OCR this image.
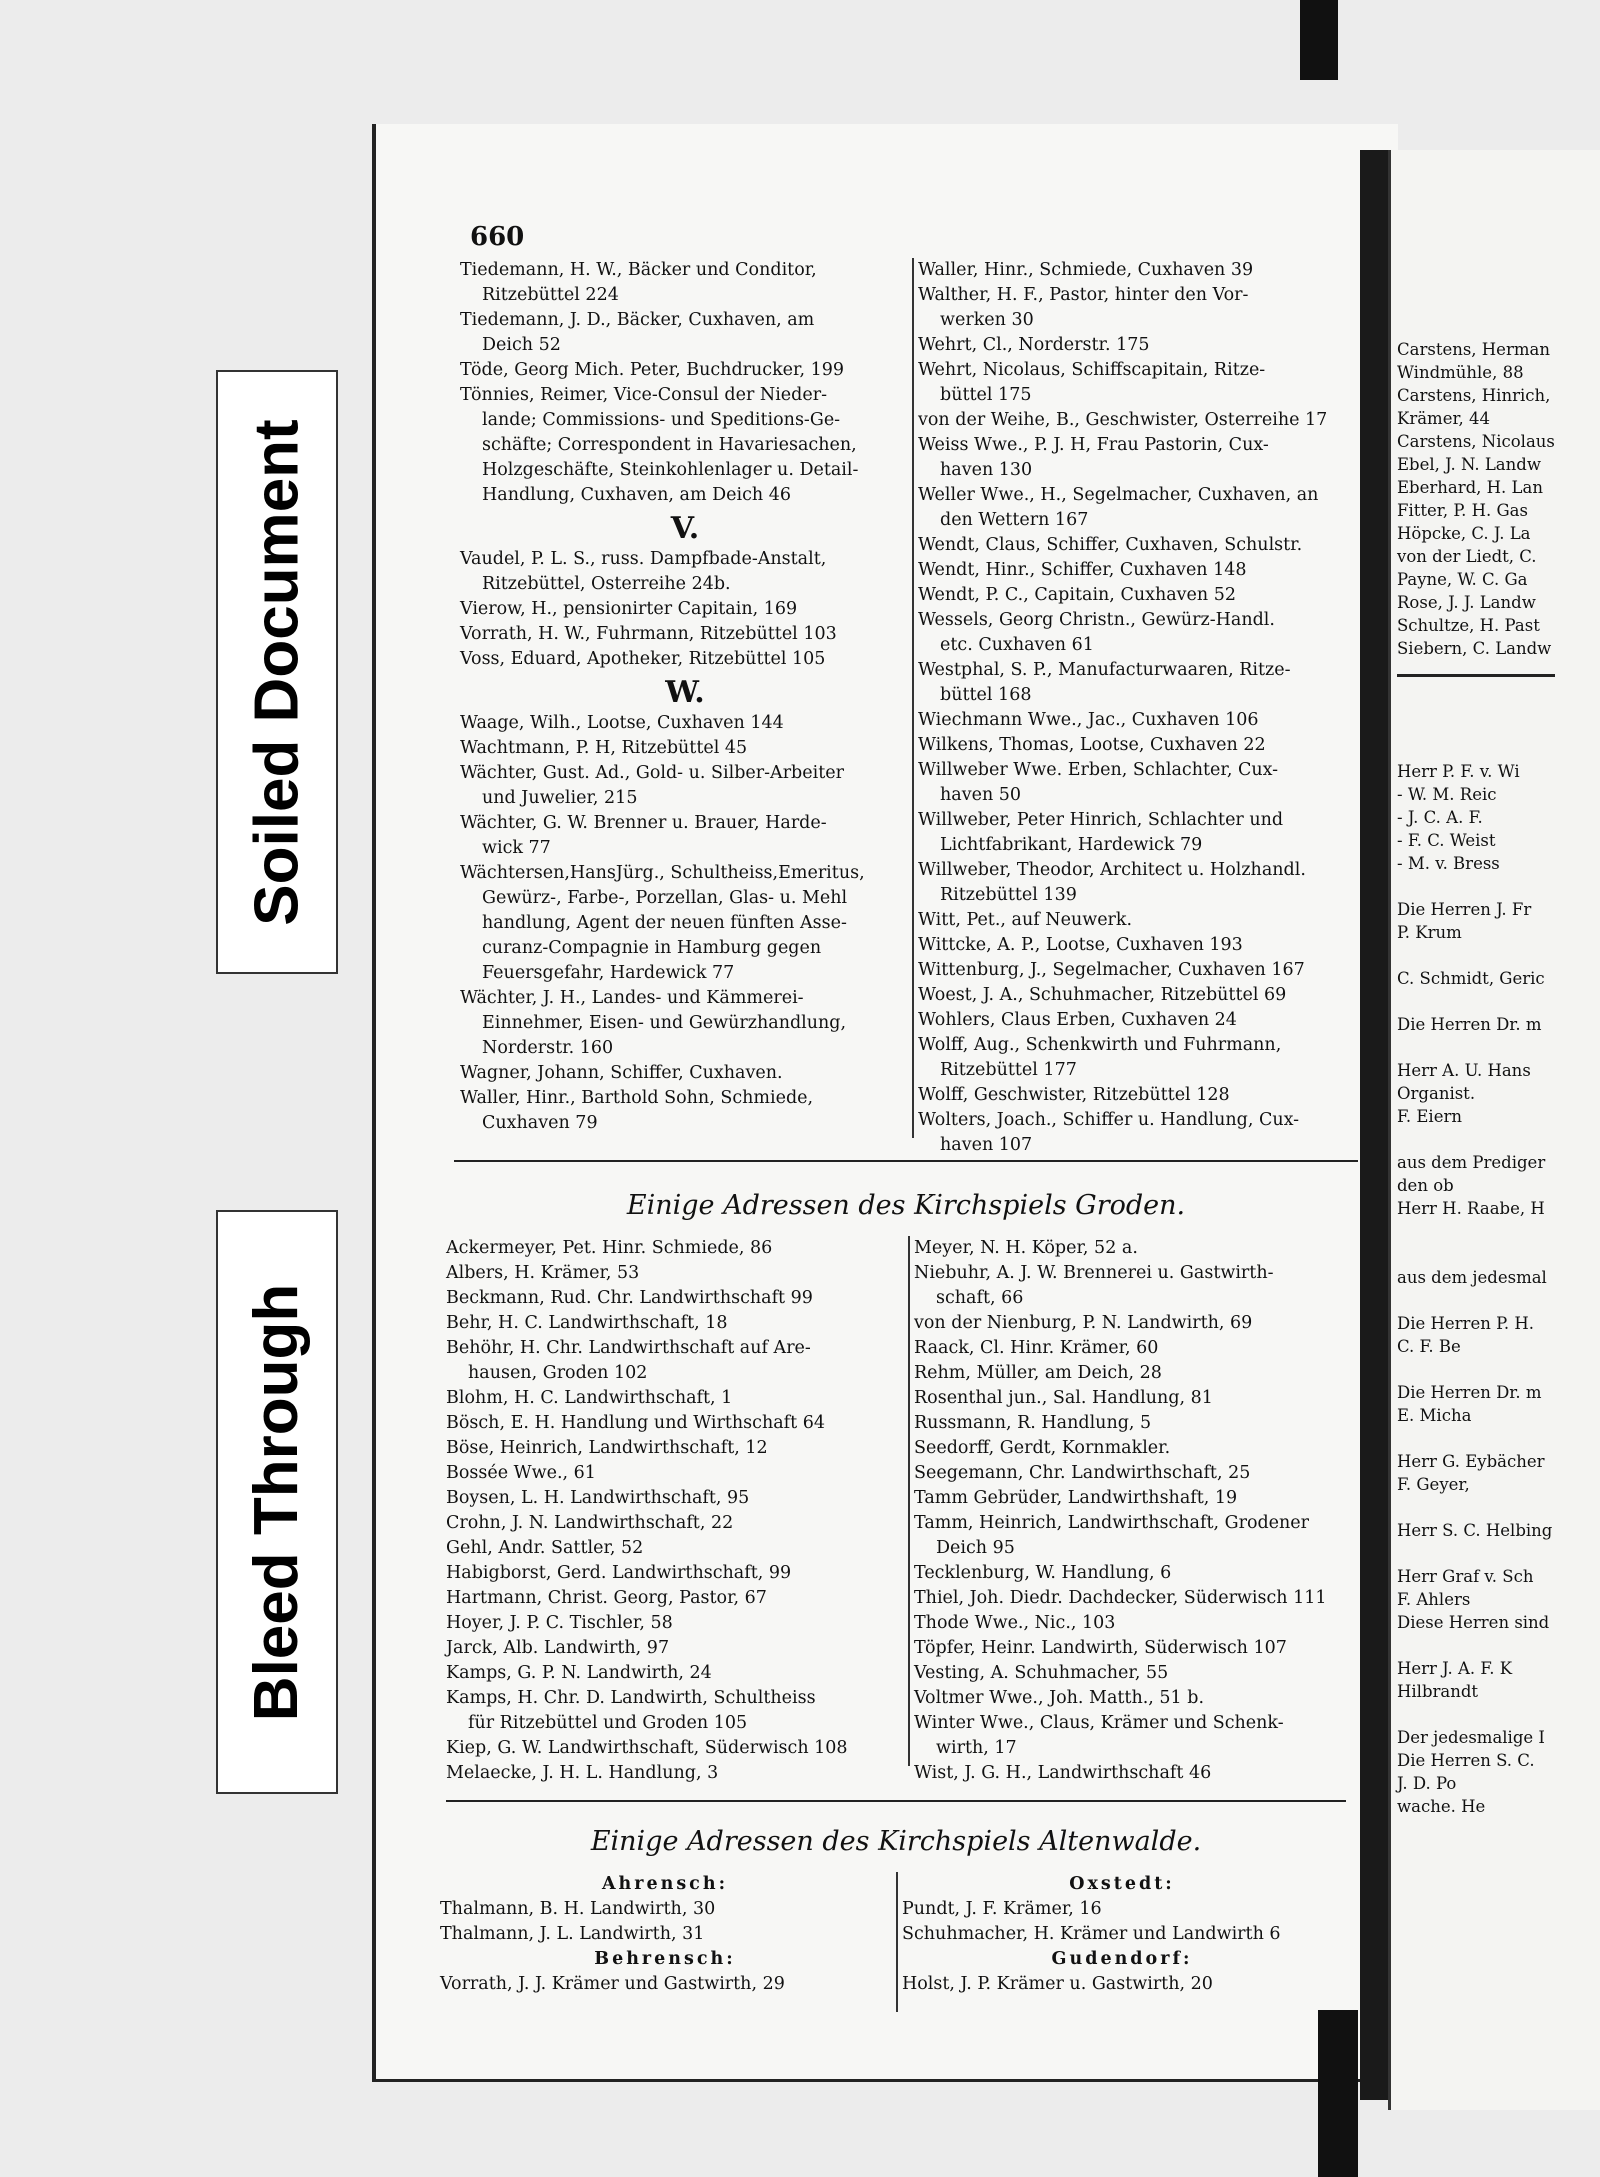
Carstens, Herman
Windmühle, 88
Carstens, Hinrich,
Krämer, 44
Carstens, Nicolaus
Ebel, J. N. Landw
Eberhard, H. Lan
Fitter, P. H. Gas
Höpcke, C. J. La
von der Liedt, C.
Payne, W. C. Ga
Rose, J. J. Landw
Schultze, H. Past
Siebern, C. Landw

Herr P. F. v. Wi
- W. M. Reic
- J. C. A. F.
- F. C. Weist
- M. v. Bress

Die Herren J. Fr
P. Krum

C. Schmidt, Geric

Die Herren Dr. m

Herr A. U. Hans
Organist.
F. Eiern

aus dem Prediger
den ob
Herr H. Raabe, H

aus dem jedesmal

Die Herren P. H.
C. F. Be

Die Herren Dr. m
E. Micha

Herr G. Eybächer
F. Geyer,

Herr S. C. Helbing

Herr Graf v. Sch
F. Ahlers
Diese Herren sind

Herr J. A. F. K
Hilbrandt

Der jedesmalige I
Die Herren S. C.
J. D. Po
wache. He
Soiled Document
Bleed Through
660
Tiedemann, H. W., Bäcker und Conditor,
Ritzebüttel 224
Tiedemann, J. D., Bäcker, Cuxhaven, am
Deich 52
Töde, Georg Mich. Peter, Buchdrucker, 199
Tönnies, Reimer, Vice-Consul der Nieder-
lande; Commissions- und Speditions-Ge-
schäfte; Correspondent in Havariesachen,
Holzgeschäfte, Steinkohlenlager u. Detail-
Handlung, Cuxhaven, am Deich 46
V.
Vaudel, P. L. S., russ. Dampfbade-Anstalt,
Ritzebüttel, Osterreihe 24b.
Vierow, H., pensionirter Capitain, 169
Vorrath, H. W., Fuhrmann, Ritzebüttel 103
Voss, Eduard, Apotheker, Ritzebüttel 105
W.
Waage, Wilh., Lootse, Cuxhaven 144
Wachtmann, P. H, Ritzebüttel 45
Wächter, Gust. Ad., Gold- u. Silber-Arbeiter
und Juwelier, 215
Wächter, G. W. Brenner u. Brauer, Harde-
wick 77
Wächtersen,HansJürg., Schultheiss,Emeritus,
Gewürz-, Farbe-, Porzellan, Glas- u. Mehl
handlung, Agent der neuen fünften Asse-
curanz-Compagnie in Hamburg gegen
Feuersgefahr, Hardewick 77
Wächter, J. H., Landes- und Kämmerei-
Einnehmer, Eisen- und Gewürzhandlung,
Norderstr. 160
Wagner, Johann, Schiffer, Cuxhaven.
Waller, Hinr., Barthold Sohn, Schmiede,
Cuxhaven 79
Waller, Hinr., Schmiede, Cuxhaven 39
Walther, H. F., Pastor, hinter den Vor-
werken 30
Wehrt, Cl., Norderstr. 175
Wehrt, Nicolaus, Schiffscapitain, Ritze-
büttel 175
von der Weihe, B., Geschwister, Osterreihe 17
Weiss Wwe., P. J. H, Frau Pastorin, Cux-
haven 130
Weller Wwe., H., Segelmacher, Cuxhaven, an
den Wettern 167
Wendt, Claus, Schiffer, Cuxhaven, Schulstr.
Wendt, Hinr., Schiffer, Cuxhaven 148
Wendt, P. C., Capitain, Cuxhaven 52
Wessels, Georg Christn., Gewürz-Handl.
etc. Cuxhaven 61
Westphal, S. P., Manufacturwaaren, Ritze-
büttel 168
Wiechmann Wwe., Jac., Cuxhaven 106
Wilkens, Thomas, Lootse, Cuxhaven 22
Willweber Wwe. Erben, Schlachter, Cux-
haven 50
Willweber, Peter Hinrich, Schlachter und
Lichtfabrikant, Hardewick 79
Willweber, Theodor, Architect u. Holzhandl.
Ritzebüttel 139
Witt, Pet., auf Neuwerk.
Wittcke, A. P., Lootse, Cuxhaven 193
Wittenburg, J., Segelmacher, Cuxhaven 167
Woest, J. A., Schuhmacher, Ritzebüttel 69
Wohlers, Claus Erben, Cuxhaven 24
Wolff, Aug., Schenkwirth und Fuhrmann,
Ritzebüttel 177
Wolff, Geschwister, Ritzebüttel 128
Wolters, Joach., Schiffer u. Handlung, Cux-
haven 107
Einige Adressen des Kirchspiels Groden.
Ackermeyer, Pet. Hinr. Schmiede, 86
Albers, H. Krämer, 53
Beckmann, Rud. Chr. Landwirthschaft 99
Behr, H. C. Landwirthschaft, 18
Behöhr, H. Chr. Landwirthschaft auf Are-
hausen, Groden 102
Blohm, H. C. Landwirthschaft, 1
Bösch, E. H. Handlung und Wirthschaft 64
Böse, Heinrich, Landwirthschaft, 12
Bossée Wwe., 61
Boysen, L. H. Landwirthschaft, 95
Crohn, J. N. Landwirthschaft, 22
Gehl, Andr. Sattler, 52
Habigborst, Gerd. Landwirthschaft, 99
Hartmann, Christ. Georg, Pastor, 67
Hoyer, J. P. C. Tischler, 58
Jarck, Alb. Landwirth, 97
Kamps, G. P. N. Landwirth, 24
Kamps, H. Chr. D. Landwirth, Schultheiss
für Ritzebüttel und Groden 105
Kiep, G. W. Landwirthschaft, Süderwisch 108
Melaecke, J. H. L. Handlung, 3
Meyer, N. H. Köper, 52 a.
Niebuhr, A. J. W. Brennerei u. Gastwirth-
schaft, 66
von der Nienburg, P. N. Landwirth, 69
Raack, Cl. Hinr. Krämer, 60
Rehm, Müller, am Deich, 28
Rosenthal jun., Sal. Handlung, 81
Russmann, R. Handlung, 5
Seedorff, Gerdt, Kornmakler.
Seegemann, Chr. Landwirthschaft, 25
Tamm Gebrüder, Landwirthshaft, 19
Tamm, Heinrich, Landwirthschaft, Grodener
Deich 95
Tecklenburg, W. Handlung, 6
Thiel, Joh. Diedr. Dachdecker, Süderwisch 111
Thode Wwe., Nic., 103
Töpfer, Heinr. Landwirth, Süderwisch 107
Vesting, A. Schuhmacher, 55
Voltmer Wwe., Joh. Matth., 51 b.
Winter Wwe., Claus, Krämer und Schenk-
wirth, 17
Wist, J. G. H., Landwirthschaft 46
Einige Adressen des Kirchspiels Altenwalde.
Ahrensch:
Thalmann, B. H. Landwirth, 30
Thalmann, J. L. Landwirth, 31
Behrensch:
Vorrath, J. J. Krämer und Gastwirth, 29
Oxstedt:
Pundt, J. F. Krämer, 16
Schuhmacher, H. Krämer und Landwirth 6
Gudendorf:
Holst, J. P. Krämer u. Gastwirth, 20
